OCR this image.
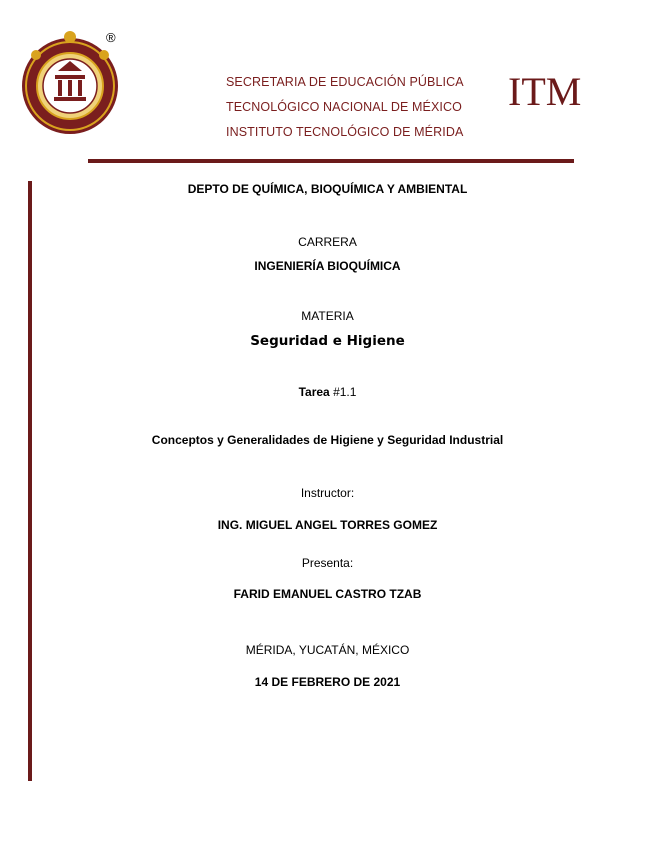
®
SECRETARIA DE EDUCACIÓN PÚBLICA
TECNOLÓGICO NACIONAL DE MÉXICO
INSTITUTO TECNOLÓGICO DE MÉRIDA
ITM
DEPTO DE QUÍMICA, BIOQUÍMICA Y AMBIENTAL
CARRERA
INGENIERÍA BIOQUÍMICA
MATERIA
Seguridad e Higiene
Tarea #1.1
Conceptos y Generalidades de Higiene y Seguridad Industrial
Instructor:
ING. MIGUEL ANGEL TORRES GOMEZ
Presenta:
FARID EMANUEL CASTRO TZAB
MÉRIDA, YUCATÁN, MÉXICO
14 DE FEBRERO DE 2021
